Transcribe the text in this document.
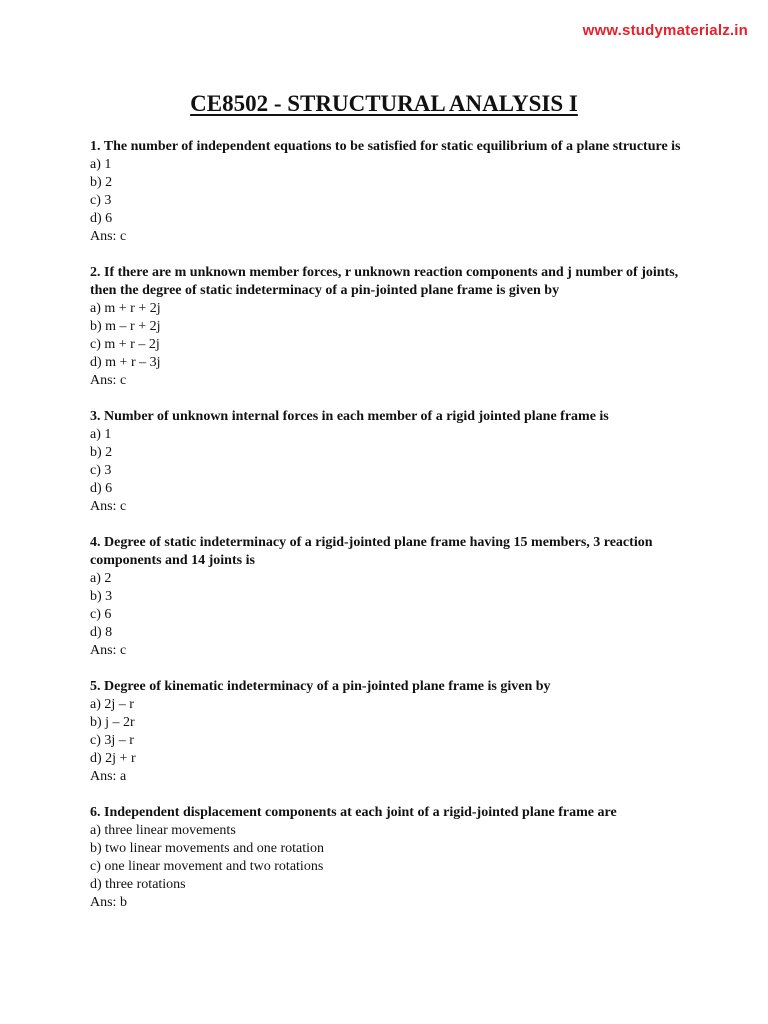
www.studymaterialz.in
CE8502 - STRUCTURAL ANALYSIS I
1. The number of independent equations to be satisfied for static equilibrium of a plane structure is
a) 1
b) 2
c) 3
d) 6
Ans: c
2. If there are m unknown member forces, r unknown reaction components and j number of joints, then the degree of static indeterminacy of a pin-jointed plane frame is given by
a) m + r + 2j
b) m – r + 2j
c) m + r – 2j
d) m + r – 3j
Ans: c
3. Number of unknown internal forces in each member of a rigid jointed plane frame is
a) 1
b) 2
c) 3
d) 6
Ans: c
4. Degree of static indeterminacy of a rigid-jointed plane frame having 15 members, 3 reaction components and 14 joints is
a) 2
b) 3
c) 6
d) 8
Ans: c
5. Degree of kinematic indeterminacy of a pin-jointed plane frame is given by
a) 2j – r
b) j – 2r
c) 3j – r
d) 2j + r
Ans: a
6. Independent displacement components at each joint of a rigid-jointed plane frame are
a) three linear movements
b) two linear movements and one rotation
c) one linear movement and two rotations
d) three rotations
Ans: b
